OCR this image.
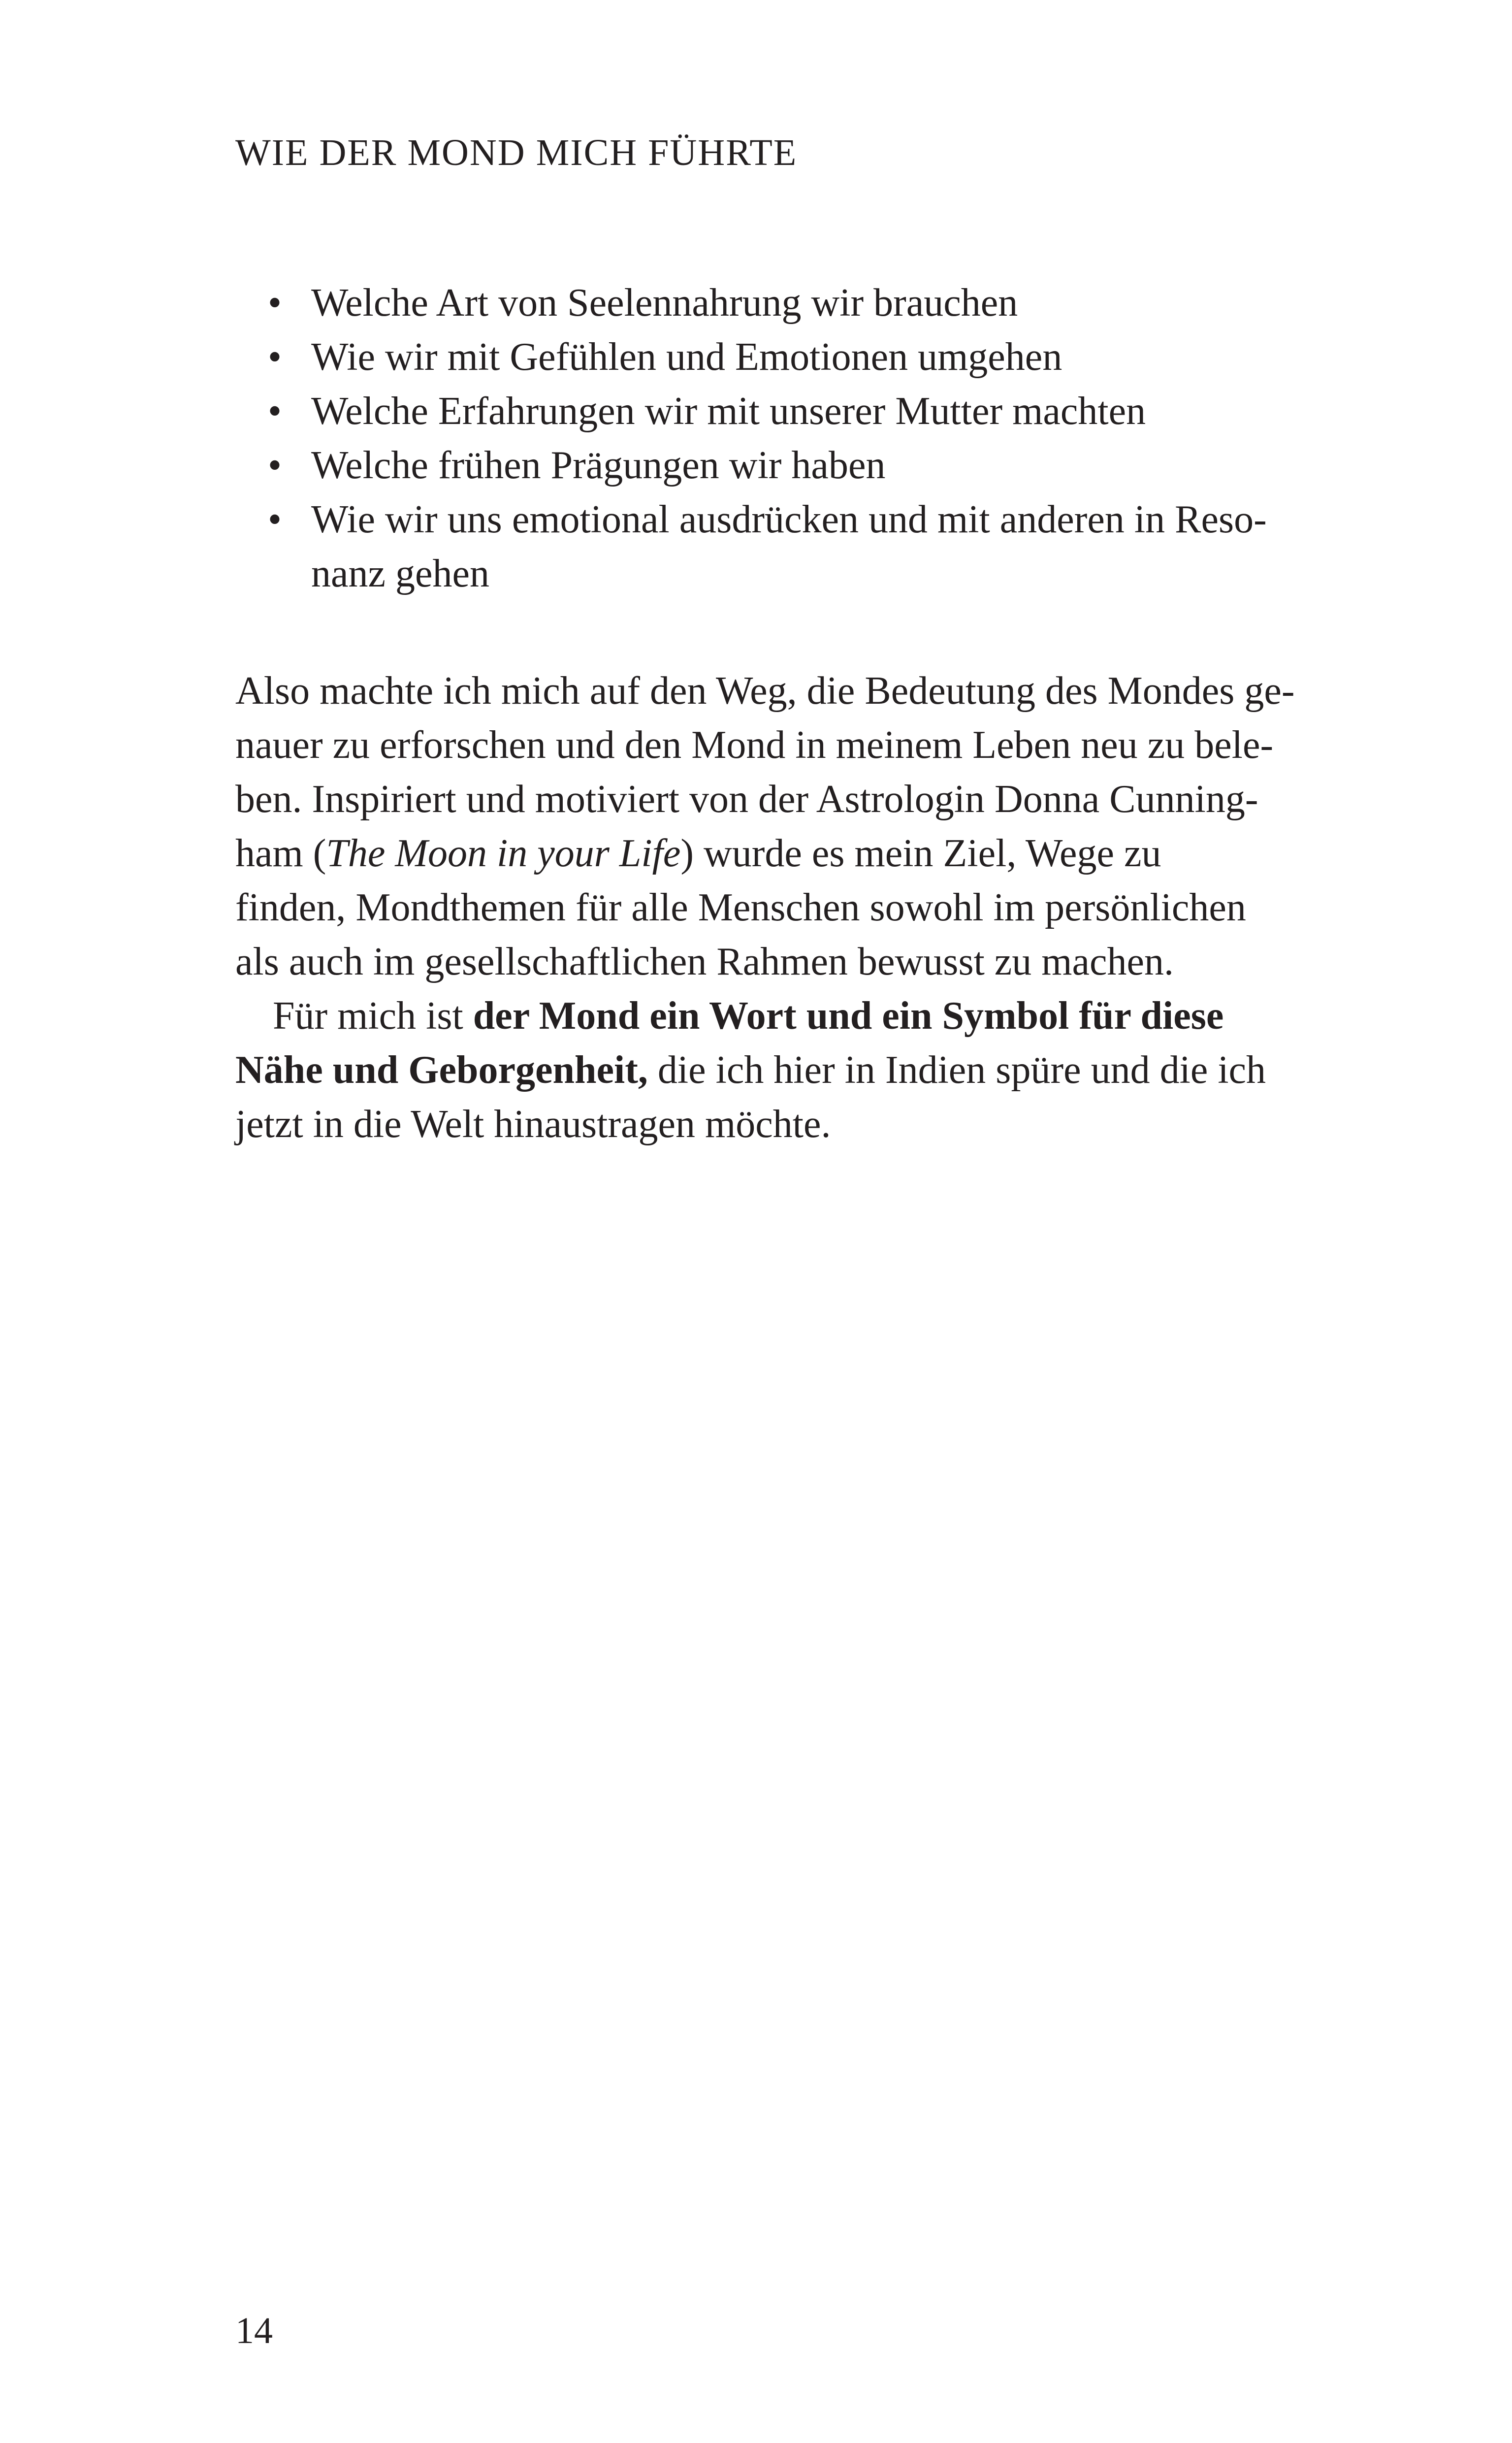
WIE DER MOND MICH FÜHRTE
• Welche Art von Seelennahrung wir brauchen
• Wie wir mit Gefühlen und Emotionen umgehen
• Welche Erfahrungen wir mit unserer Mutter machten
• Welche frühen Prägungen wir haben
• Wie wir uns emotional ausdrücken und mit anderen in Reso-
nanz gehen
Also machte ich mich auf den Weg, die Bedeutung des Mondes ge-
nauer zu erforschen und den Mond in meinem Leben neu zu bele-
ben. Inspiriert und motiviert von der Astrologin Donna Cunning-
ham (The Moon in your Life) wurde es mein Ziel, Wege zu
finden, Mondthemen für alle Menschen sowohl im persönlichen
als auch im gesellschaftlichen Rahmen bewusst zu machen.
Für mich ist der Mond ein Wort und ein Symbol für diese
Nähe und Geborgenheit, die ich hier in Indien spüre und die ich
jetzt in die Welt hinaustragen möchte.
14
